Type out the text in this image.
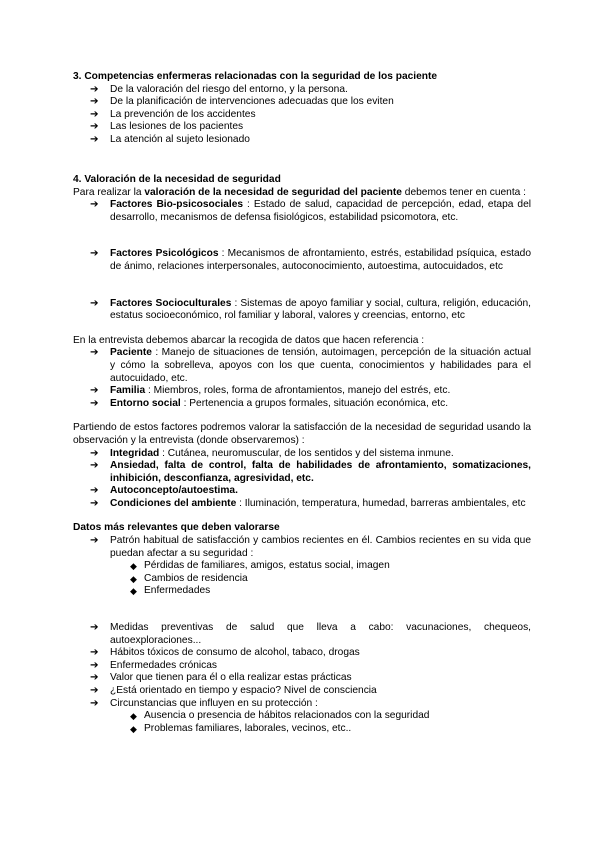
3. Competencias enfermeras relacionadas con la seguridad de los paciente
➔ De la valoración del riesgo del entorno, y la persona.
➔ De la planificación de intervenciones adecuadas que los eviten
➔ La prevención de los accidentes
➔ Las lesiones de los pacientes
➔ La atención al sujeto lesionado
4. Valoración de la necesidad de seguridad
Para realizar la valoración de la necesidad de seguridad del paciente debemos tener en cuenta :
➔ Factores Bio-psicosociales : Estado de salud, capacidad de percepción, edad, etapa del desarrollo, mecanismos de defensa fisiológicos, estabilidad psicomotora, etc.
➔ Factores Psicológicos : Mecanismos de afrontamiento, estrés, estabilidad psíquica, estado de ánimo, relaciones interpersonales, autoconocimiento, autoestima, autocuidados, etc
➔ Factores Socioculturales : Sistemas de apoyo familiar y social, cultura, religión, educación, estatus socioeconómico, rol familiar y laboral, valores y creencias, entorno, etc
En la entrevista debemos abarcar la recogida de datos que hacen referencia :
➔ Paciente : Manejo de situaciones de tensión, autoimagen, percepción de la situación actual y cómo la sobrelleva, apoyos con los que cuenta, conocimientos y habilidades para el autocuidado, etc.
➔ Familia : Miembros, roles, forma de afrontamientos, manejo del estrés, etc.
➔ Entorno social : Pertenencia a grupos formales, situación económica, etc.
Partiendo de estos factores podremos valorar la satisfacción de la necesidad de seguridad usando la observación y la entrevista (donde observaremos) :
➔ Integridad : Cutánea, neuromuscular, de los sentidos y del sistema inmune.
➔ Ansiedad, falta de control, falta de habilidades de afrontamiento, somatizaciones, inhibición, desconfianza, agresividad, etc.
➔ Autoconcepto/autoestima.
➔ Condiciones del ambiente : Iluminación, temperatura, humedad, barreras ambientales, etc
Datos más relevantes que deben valorarse
➔ Patrón habitual de satisfacción y cambios recientes en él. Cambios recientes en su vida que puedan afectar a su seguridad :
◆ Pérdidas de familiares, amigos, estatus social, imagen
◆ Cambios de residencia
◆ Enfermedades
➔ Medidas preventivas de salud que lleva a cabo: vacunaciones, chequeos, autoexploraciones...
➔ Hábitos tóxicos de consumo de alcohol, tabaco, drogas
➔ Enfermedades crónicas
➔ Valor que tienen para él o ella realizar estas prácticas
➔ ¿Está orientado en tiempo y espacio? Nivel de consciencia
➔ Circunstancias que influyen en su protección :
◆ Ausencia o presencia de hábitos relacionados con la seguridad
◆ Problemas familiares, laborales, vecinos, etc..
